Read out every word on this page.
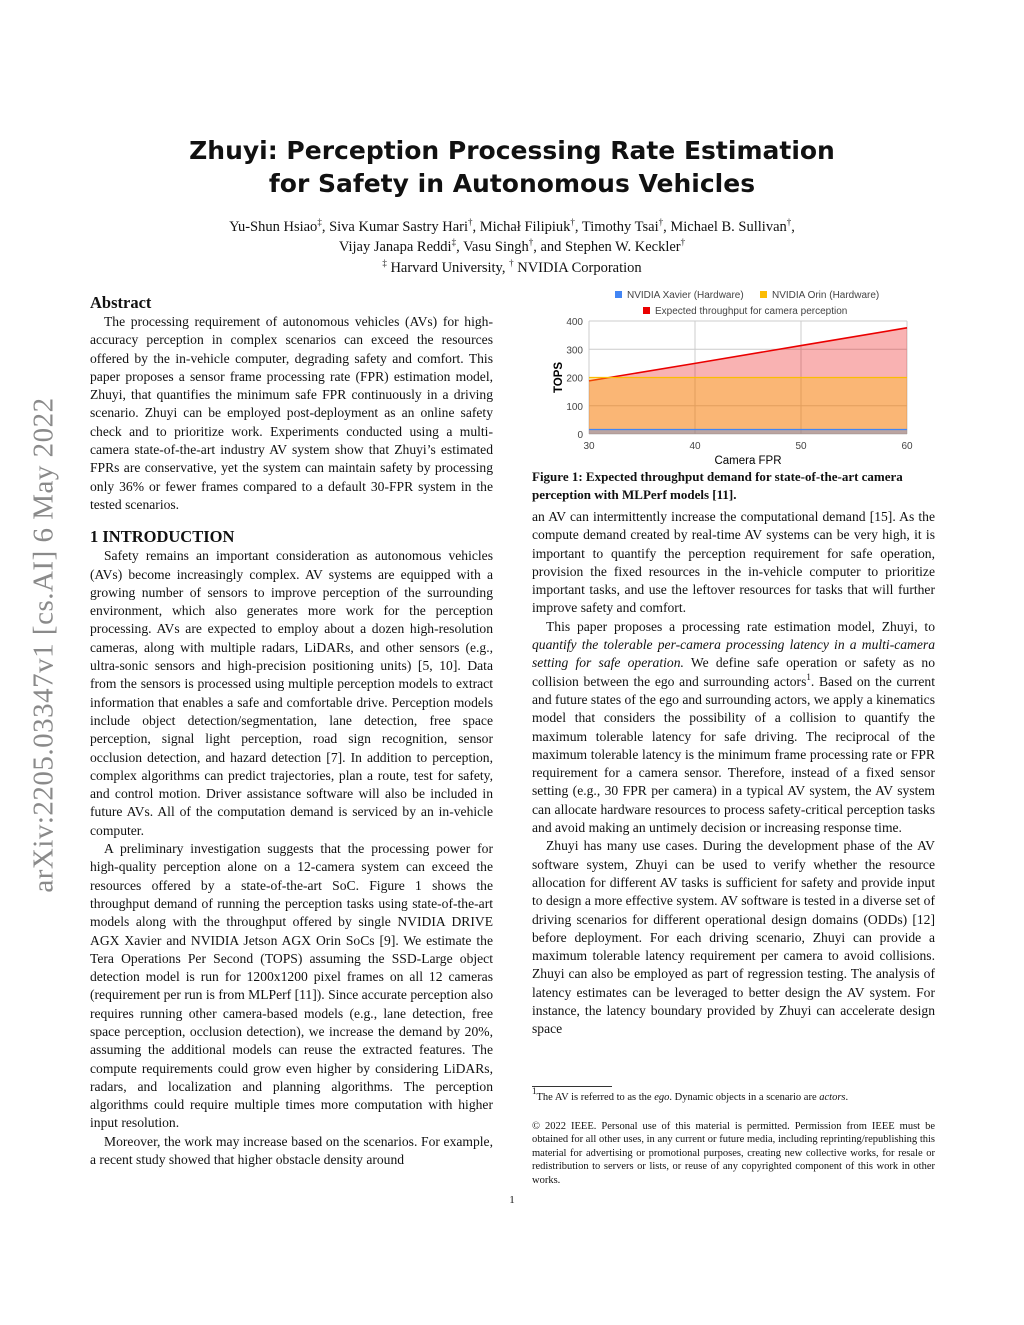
arXiv:2205.03347v1 [cs.AI] 6 May 2022
Zhuyi: Perception Processing Rate Estimation
for Safety in Autonomous Vehicles
Yu-Shun Hsiao‡, Siva Kumar Sastry Hari†, Michał Filipiuk†, Timothy Tsai†, Michael B. Sullivan†,
Vijay Janapa Reddi‡, Vasu Singh†, and Stephen W. Keckler†
‡ Harvard University, † NVIDIA Corporation
Abstract

The processing requirement of autonomous vehicles (AVs) for high-accuracy perception in complex scenarios can exceed the resources offered by the in-vehicle computer, degrading safety and comfort. This paper proposes a sensor frame processing rate (FPR) estimation model, Zhuyi, that quantifies the minimum safe FPR continuously in a driving scenario. Zhuyi can be employed post-deployment as an online safety check and to prioritize work. Experiments conducted using a multi-camera state-of-the-art industry AV system show that Zhuyi’s estimated FPRs are conservative, yet the system can maintain safety by processing only 36% or fewer frames compared to a default 30-FPR system in the tested scenarios.

1 INTRODUCTION

Safety remains an important consideration as autonomous vehicles (AVs) become increasingly complex. AV systems are equipped with a growing number of sensors to improve perception of the surrounding environment, which also generates more work for the perception processing. AVs are expected to employ about a dozen high-resolution cameras, along with multiple radars, LiDARs, and other sensors (e.g., ultra-sonic sensors and high-precision positioning units) [5, 10]. Data from the sensors is processed using multiple perception models to extract information that enables a safe and comfortable drive. Perception models include object detection/segmentation, lane detection, free space perception, signal light perception, road sign recognition, sensor occlusion detection, and hazard detection [7]. In addition to perception, complex algorithms can predict trajectories, plan a route, test for safety, and control motion. Driver assistance software will also be included in future AVs. All of the computation demand is serviced by an in-vehicle computer.

A preliminary investigation suggests that the processing power for high-quality perception alone on a 12-camera system can exceed the resources offered by a state-of-the-art SoC. Figure 1 shows the throughput demand of running the perception tasks using state-of-the-art models along with the throughput offered by single NVIDIA DRIVE AGX Xavier and NVIDIA Jetson AGX Orin SoCs [9]. We estimate the Tera Operations Per Second (TOPS) assuming the SSD-Large object detection model is run for 1200x1200 pixel frames on all 12 cameras (requirement per run is from MLPerf [11]). Since accurate perception also requires running other camera-based models (e.g., lane detection, free space perception, occlusion detection), we increase the demand by 20%, assuming the additional models can reuse the extracted features. The compute requirements could grow even higher by considering LiDARs, radars, and localization and planning algorithms. The perception algorithms could require multiple times more computation with higher input resolution.

Moreover, the work may increase based on the scenarios. For example, a recent study showed that higher obstacle density around

30	40	50	60
0
100
200
300
400
Camera FPR
TOPS
NVIDIA Xavier (Hardware)	NVIDIA Orin (Hardware)
Expected throughput for camera perception
Figure 1: Expected throughput demand for state-of-the-art camera perception with MLPerf models [11].

an AV can intermittently increase the computational demand [15]. As the compute demand created by real-time AV systems can be very high, it is important to quantify the perception requirement for safe operation, provision the fixed resources in the in-vehicle computer to prioritize important tasks, and use the leftover resources for tasks that will further improve safety and comfort.

This paper proposes a processing rate estimation model, Zhuyi, to quantify the tolerable per-camera processing latency in a multi-camera setting for safe operation. We define safe operation or safety as no collision between the ego and surrounding actors$^1$. Based on the current and future states of the ego and surrounding actors, we apply a kinematics model that considers the possibility of a collision to quantify the maximum tolerable latency for safe driving. The reciprocal of the maximum tolerable latency is the minimum frame processing rate or FPR requirement for a camera sensor. Therefore, instead of a fixed sensor setting (e.g., 30 FPR per camera) in a typical AV system, the AV system can allocate hardware resources to process safety-critical perception tasks and avoid making an untimely decision or increasing response time.

Zhuyi has many use cases. During the development phase of the AV software system, Zhuyi can be used to verify whether the resource allocation for different AV tasks is sufficient for safety and provide input to design a more effective system. AV software is tested in a diverse set of driving scenarios for different operational design domains (ODDs) [12] before deployment. For each driving scenario, Zhuyi can provide a maximum tolerable latency requirement per camera to avoid collisions. Zhuyi can also be employed as part of regression testing. The analysis of latency estimates can be leveraged to better design the AV system. For instance, the latency boundary provided by Zhuyi can accelerate design space

$^1$The AV is referred to as the ego. Dynamic objects in a scenario are actors.
© 2022 IEEE. Personal use of this material is permitted. Permission from IEEE must be obtained for all other uses, in any current or future media, including reprinting/republishing this material for advertising or promotional purposes, creating new collective works, for resale or redistribution to servers or lists, or reuse of any copyrighted component of this work in other works.
1
